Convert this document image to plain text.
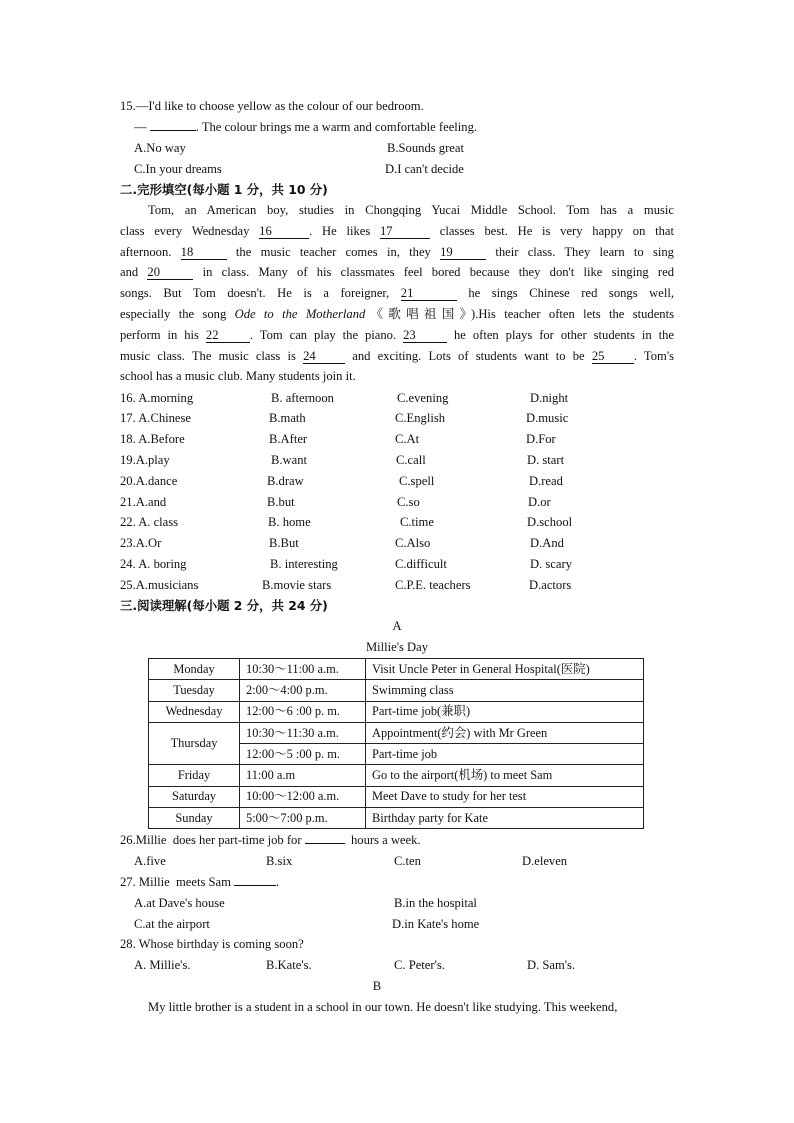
15.—I'd like to choose yellow as the colour of our bedroom.
—	. The colour brings me a warm and comfortable feeling.
A.No way	B.Sounds great
C.In your dreams	D.I can't decide
二.完形填空(每小题 1 分，共 10 分)
Tom, an American boy, studies in Chongqing Yucai Middle School. Tom has a music
class every Wednesday 16	. He likes 17	classes best. He is very happy on that
afternoon. 18	the music teacher comes in, they 19	their class. They learn to sing
and 20	in class. Many of his classmates feel bored because they don't like singing red
songs. But Tom doesn't. He is a foreigner, 21	he sings Chinese red songs well,
especially the song Ode to the Motherland《歌唱祖国》).His teacher often lets the students
perform in his 22 . Tom can play the piano. 23 he often plays for other students in the
music class. The music class is 24 and exciting. Lots of students want to be 25 . Tom's
school has a music club. Many students join it.
16. A.morning	B. afternoon	C.evening	D.night
17. A.Chinese	B.math	C.English	D.music
18. A.Before	B.After	C.At	D.For
19.A.play	B.want	C.call	D. start
20.A.dance	B.draw	C.spell	D.read
21.A.and	B.but	C.so	D.or
22. A. class	B. home	C.time	D.school
23.A.Or	B.But	C.Also	D.And
24. A. boring	B. interesting	C.difficult	D. scary
25.A.musicians	B.movie stars	C.P.E. teachers	D.actors
三.阅读理解(每小题 2 分，共 24 分)
A
Millie's Day
Monday	10:30～11:00 a.m.	Visit Uncle Peter in General Hospital(医院)
Tuesday	2:00～4:00 p.m.	Swimming class
Wednesday	12:00～6 :00 p. m.	Part-time job(兼职)
Thursday	10:30～11:30 a.m.	Appointment(约会) with Mr Green
	12:00～5 :00 p. m.	Part-time job
Friday	11:00 a.m	Go to the airport(机场) to meet Sam
Saturday	10:00～12:00 a.m.	Meet Dave to study for her test
Sunday	5:00～7:00 p.m.	Birthday party for Kate
26.Millie  does her part-time job for	hours a week.
A.five	B.six	C.ten	D.eleven
27. Millie  meets Sam	.
A.at Dave's house	B.in the hospital
C.at the airport	D.in Kate's home
28. Whose birthday is coming soon?
A. Millie's.	B.Kate's.	C. Peter's.	D. Sam's.
B
My little brother is a student in a school in our town. He doesn't like studying. This weekend,
